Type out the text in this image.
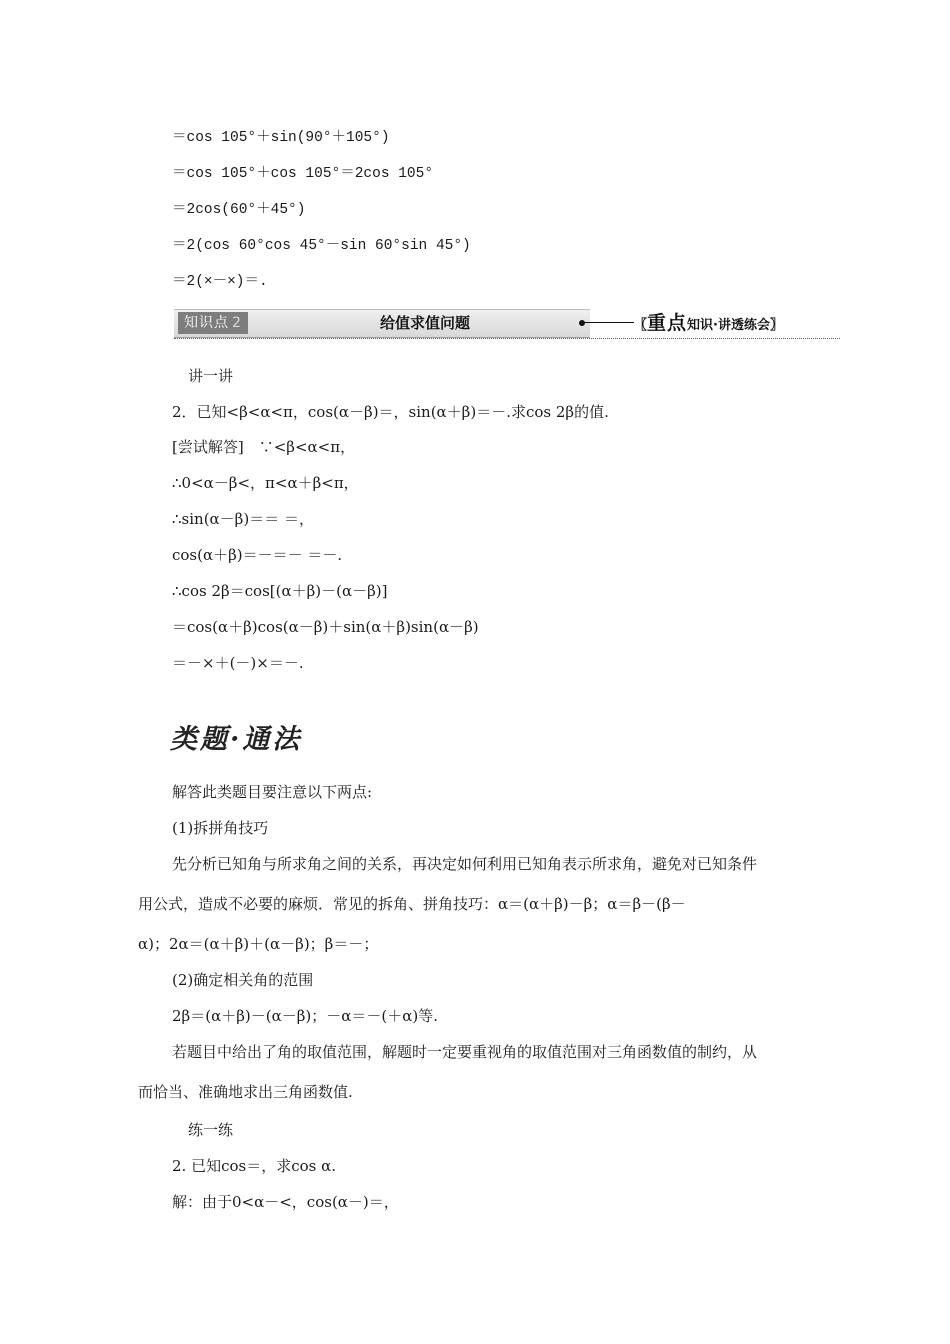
＝cos 105°＋sin(90°＋105°)
＝cos 105°＋cos 105°＝2cos 105°
＝2cos(60°＋45°)
＝2(cos 60°cos 45°－sin 60°sin 45°)
＝2(×－×)＝.
知识点 2	给值求值问题	〖重点知识·讲透练会〗
讲一讲
2．已知<β<α<π，cos(α－β)＝，sin(α＋β)＝－.求cos 2β的值.
[尝试解答]　∵<β<α<π，
∴0<α－β<，π<α＋β<π，
∴sin(α－β)＝＝ ＝，
cos(α＋β)＝－＝－ ＝－.
∴cos 2β＝cos[(α＋β)－(α－β)]
＝cos(α＋β)cos(α－β)＋sin(α＋β)sin(α－β)
＝－×＋(－)×＝－.
类题·通法
解答此类题目要注意以下两点:
(1)拆拼角技巧
先分析已知角与所求角之间的关系，再决定如何利用已知角表示所求角，避免对已知条件
用公式，造成不必要的麻烦．常见的拆角、拼角技巧：α＝(α＋β)－β；α＝β－(β－
α)；2α＝(α＋β)＋(α－β)；β＝－；
(2)确定相关角的范围
2β＝(α＋β)－(α－β)；－α＝－(＋α)等.
若题目中给出了角的取值范围，解题时一定要重视角的取值范围对三角函数值的制约，从
而恰当、准确地求出三角函数值.
练一练
2. 已知cos＝，求cos α.
解：由于0<α－<，cos(α－)＝，
